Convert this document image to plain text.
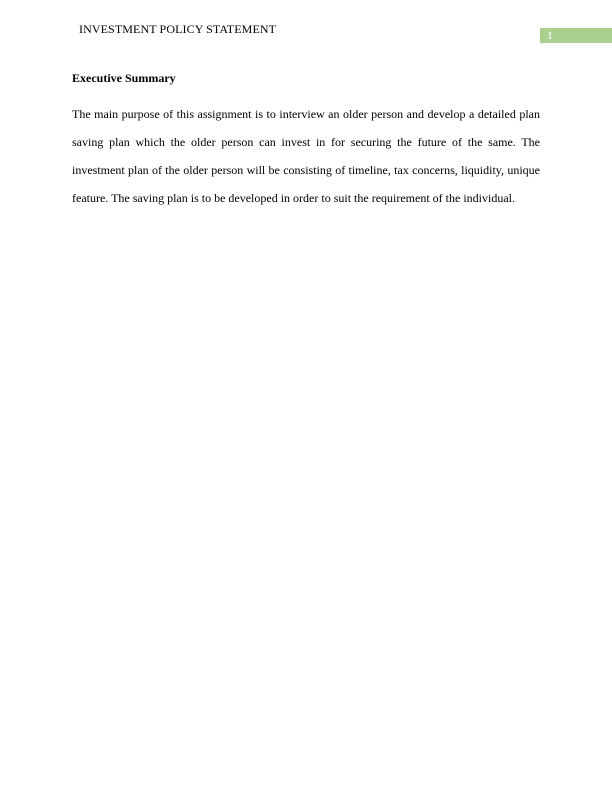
INVESTMENT POLICY STATEMENT	1
Executive Summary

The main purpose of this assignment is to interview an older person and develop a detailed plan saving plan which the older person can invest in for securing the future of the same. The investment plan of the older person will be consisting of timeline, tax concerns, liquidity, unique feature. The saving plan is to be developed in order to suit the requirement of the individual.
